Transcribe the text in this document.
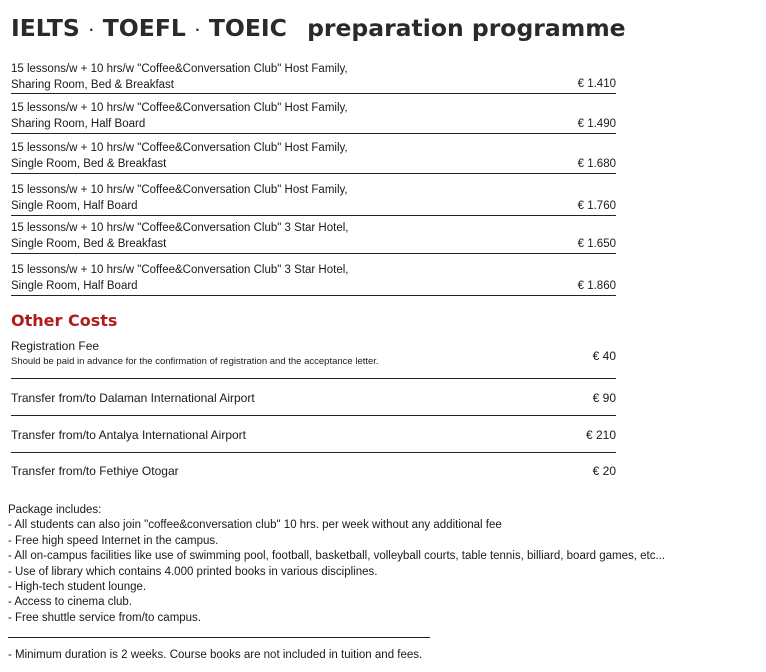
IELTS · TOEFL · TOEIC preparation programme
15 lessons/w + 10 hrs/w "Coffee&Conversation Club" Host Family,
Sharing Room, Bed & Breakfast	€ 1.410
15 lessons/w + 10 hrs/w "Coffee&Conversation Club" Host Family,
Sharing Room, Half Board	€ 1.490
15 lessons/w + 10 hrs/w "Coffee&Conversation Club" Host Family,
Single Room, Bed & Breakfast	€ 1.680
15 lessons/w + 10 hrs/w "Coffee&Conversation Club" Host Family,
Single Room, Half Board	€ 1.760
15 lessons/w + 10 hrs/w "Coffee&Conversation Club" 3 Star Hotel,
Single Room, Bed & Breakfast	€ 1.650
15 lessons/w + 10 hrs/w "Coffee&Conversation Club" 3 Star Hotel,
Single Room, Half Board	€ 1.860
Other Costs
Registration Fee
Should be paid in advance for the confirmation of registration and the acceptance letter.	€ 40
Transfer from/to Dalaman International Airport	€ 90
Transfer from/to Antalya International Airport	€ 210
Transfer from/to Fethiye Otogar	€ 20
Package includes:
- All students can also join "coffee&conversation club" 10 hrs. per week without any additional fee
- Free high speed Internet in the campus.
- All on-campus facilities like use of swimming pool, football, basketball, volleyball courts, table tennis, billiard, board games, etc...
- Use of library which contains 4.000 printed books in various disciplines.
- High-tech student lounge.
- Access to cinema club.
- Free shuttle service from/to campus.
- Minimum duration is 2 weeks. Course books are not included in tuition and fees.
